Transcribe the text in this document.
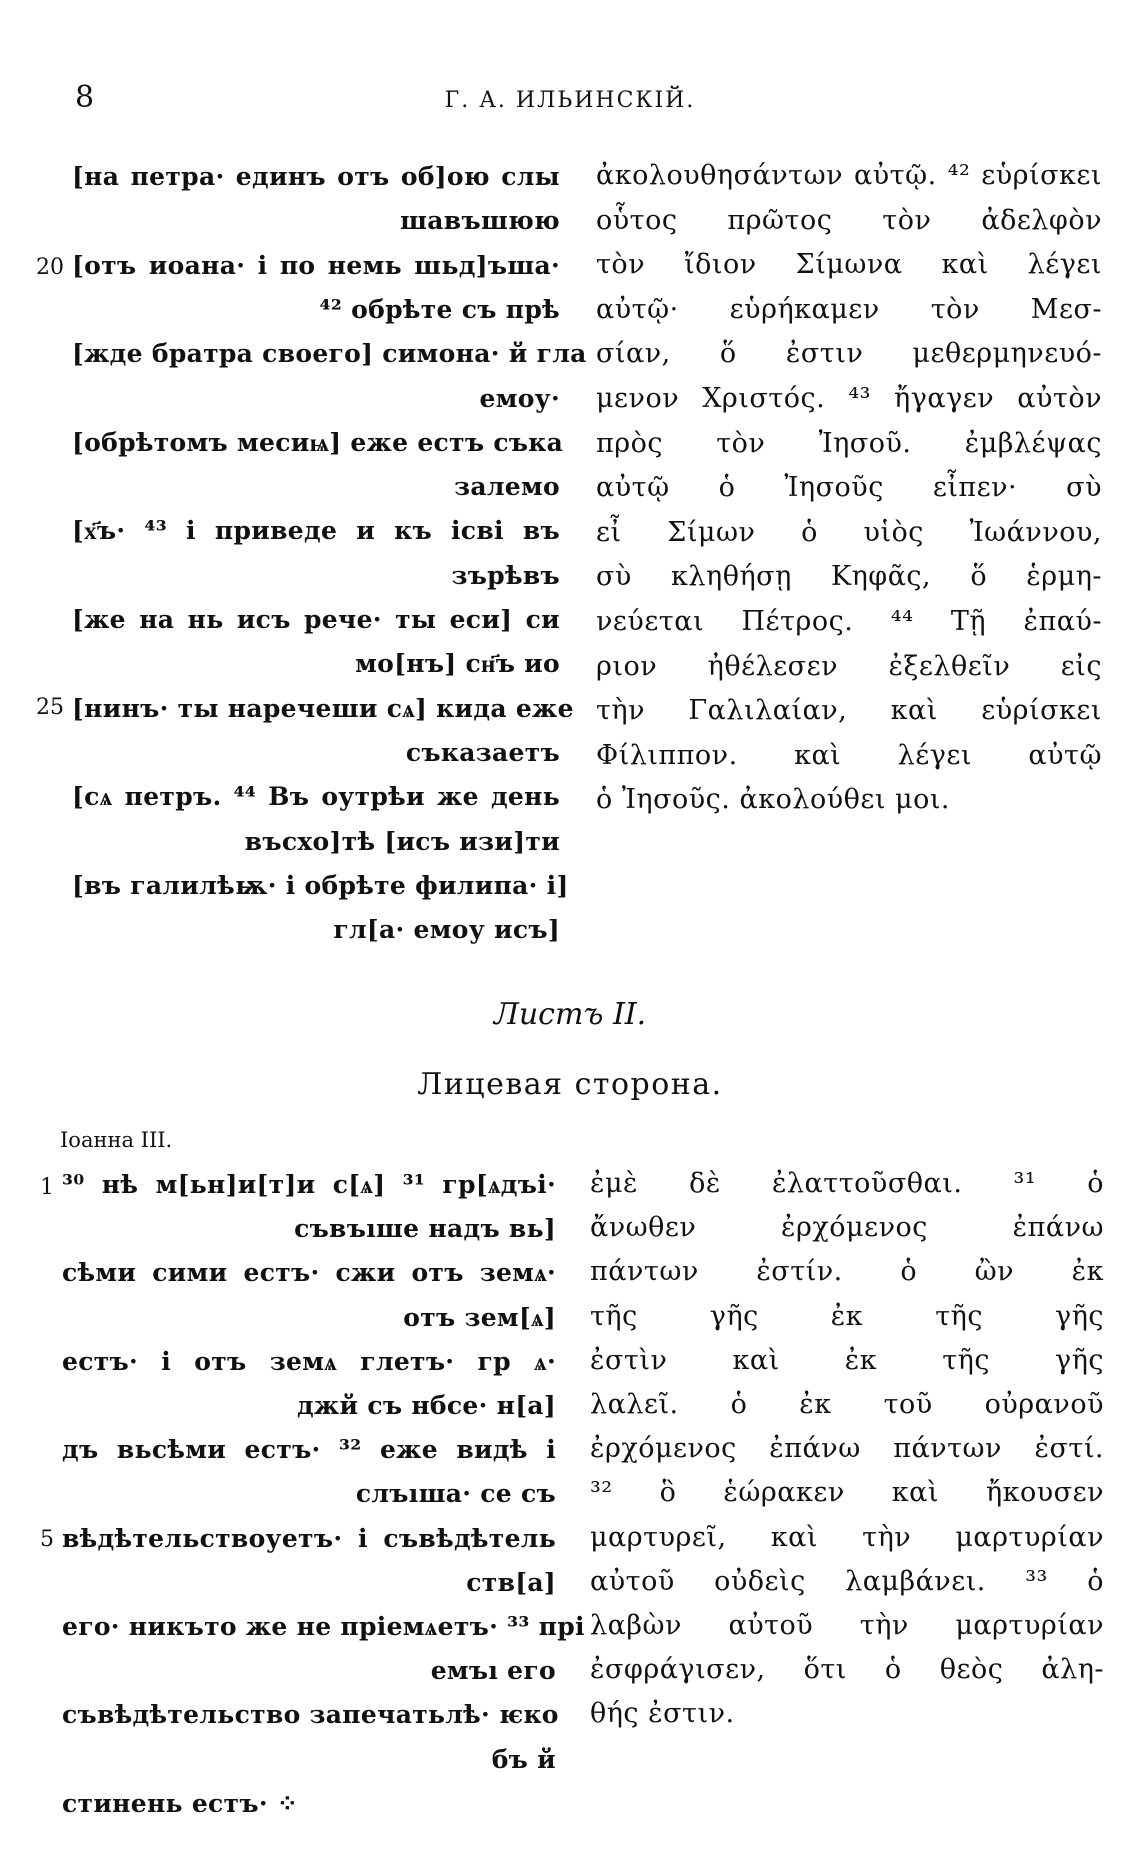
8	Г. А. ИЛЬИНСКІЙ.
[на петра· единъ отъ об]ою слы
шавъшюю
[отъ иоана· і по немь шьд]ъша·
⁴² обрѣте съ прѣ
[жде братра своего] симона· й гла
емоу·
[обрѣтомъ месиѩ] еже естъ съка
залемо
[х҃ъ· ⁴³ і приведе и къ ісві въ
зърѣвъ
[же на нь исъ рече· ты еси] си
мо[нъ] сн҃ъ ио
[нинъ· ты наречеши сѧ] кида еже
съказаетъ
[сѧ петръ. ⁴⁴ Въ оутрѣи же день
въсхо]тѣ [исъ изи]ти
[въ галилѣѭ· і обрѣте филипа· і]
гл[а· емоу исъ]
20
25
ἀκολουθησάντων αὐτῷ. ⁴² εὑρίσκει
οὗτος πρῶτος τὸν ἀδελφὸν
τὸν ἴδιον Σίμωνα καὶ λέγει
αὐτῷ· εὑρήκαμεν τὸν Μεσ-
σίαν, ὅ ἐστιν μεθερμηνευό-
μενον Χριστός. ⁴³ ἤγαγεν αὐτὸν
πρὸς τὸν Ἰησοῦ. ἐμβλέψας
αὐτῷ ὁ Ἰησοῦς εἶπεν· σὺ
εἶ Σίμων ὁ υἱὸς Ἰωάννου,
σὺ κληθήσῃ Κηφᾶς, ὅ ἑρμη-
νεύεται Πέτρος. ⁴⁴ Τῇ ἐπαύ-
ριον ἠθέλεσεν ἐξελθεῖν εἰς
τὴν Γαλιλαίαν, καὶ εὑρίσκει
Φίλιππον. καὶ λέγει αὐτῷ
ὁ Ἰησοῦς. ἀκολούθει μοι.
Листъ II.
Лицевая сторона.
Іоанна III.
³⁰ нѣ м[ьн]и[т]и с[ѧ] ³¹ гр[ѧдъі·
съвъıше надъ вь]
сѣми сими естъ· сжи отъ земѧ·
отъ зем[ѧ]
естъ· і отъ земѧ глетъ· гр ѧ·
джй съ нбсе· н[а]
дъ вьсѣми естъ· ³² еже видѣ і
слъıша· се съ
вѣдѣтельствоуетъ· і съвѣдѣтель
ств[а]
его· никъто же не пріемѧетъ· ³³ прі
емъı его
съвѣдѣтельство запечатьлѣ· ѥко
бъ й
стинень естъ· ⁘
1
5
ἐμὲ δὲ ἐλαττοῦσθαι. ³¹ ὁ
ἄνωθεν ἐρχόμενος ἐπάνω
πάντων ἐστίν. ὁ ὢν ἐκ
τῆς γῆς ἐκ τῆς γῆς
ἐστὶν καὶ ἐκ τῆς γῆς
λαλεῖ. ὁ ἐκ τοῦ οὐρανοῦ
ἐρχόμενος ἐπάνω πάντων ἐστί.
³² ὃ ἑώρακεν καὶ ἤκουσεν
μαρτυρεῖ, καὶ τὴν μαρτυρίαν
αὐτοῦ οὐδεὶς λαμβάνει. ³³ ὁ
λαβὼν αὐτοῦ τὴν μαρτυρίαν
ἐσφράγισεν, ὅτι ὁ θεὸς ἀλη-
θής ἐστιν.
